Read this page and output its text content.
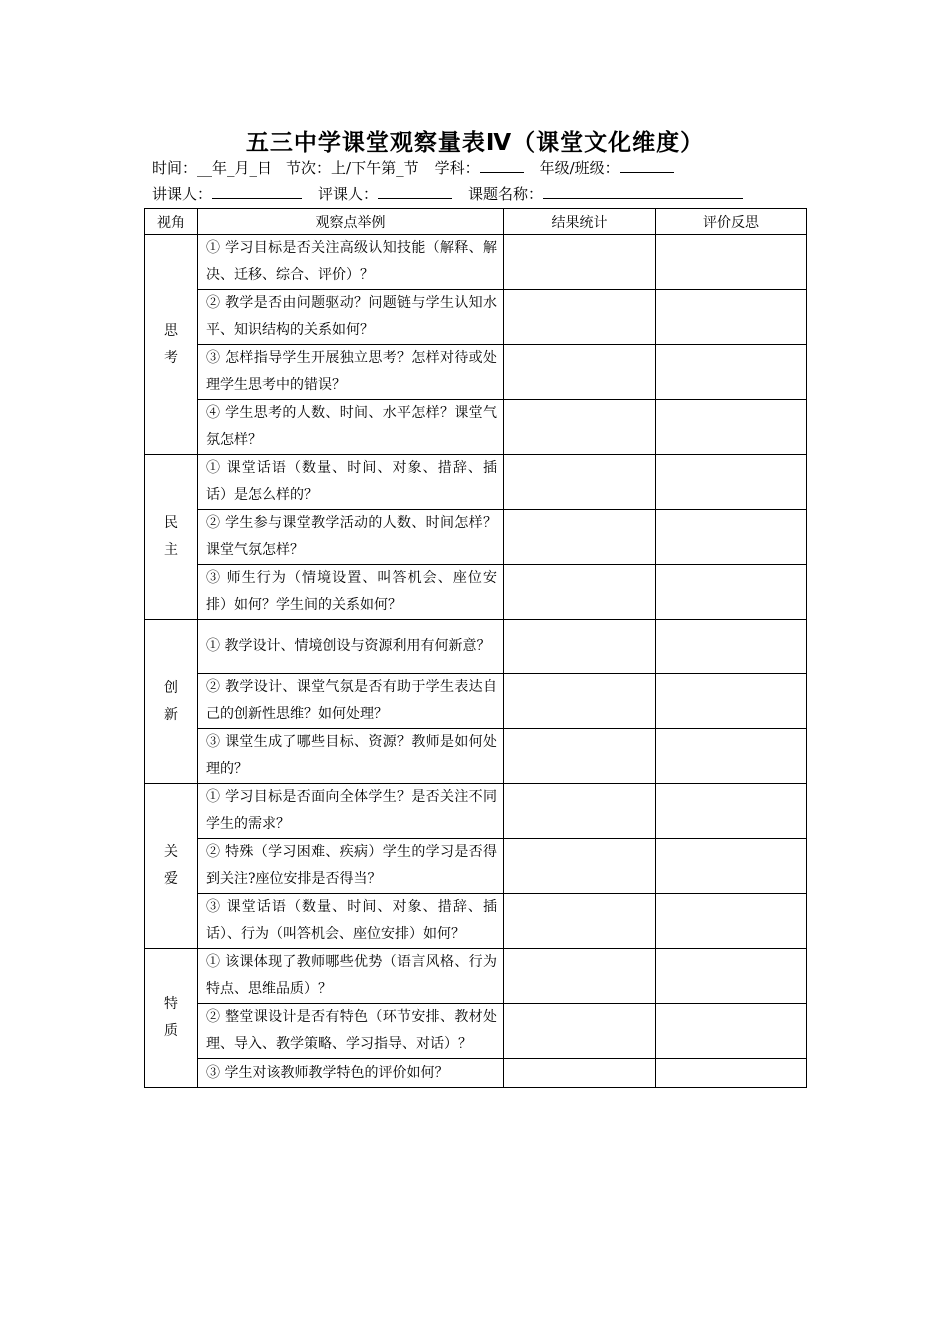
五三中学课堂观察量表Ⅳ（课堂文化维度）
时间：__年_月_日 节次：上/下午第_节 学科：	年级/班级：
讲课人：	评课人：	课题名称：
视角	观察点举例	结果统计	评价反思

思
考	① 学习目标是否关注高级认知技能（解释、解决、迁移、综合、评价）？		
	② 教学是否由问题驱动？问题链与学生认知水平、知识结构的关系如何？		
	③ 怎样指导学生开展独立思考？怎样对待或处理学生思考中的错误？		
	④ 学生思考的人数、时间、水平怎样？课堂气氛怎样？		

民
主	① 课堂话语（数量、时间、对象、措辞、插话）是怎么样的？		
	② 学生参与课堂教学活动的人数、时间怎样？课堂气氛怎样？		
	③ 师生行为（情境设置、叫答机会、座位安排）如何？学生间的关系如何？		

创
新	① 教学设计、情境创设与资源利用有何新意？		
	② 教学设计、课堂气氛是否有助于学生表达自己的创新性思维？如何处理？		
	③ 课堂生成了哪些目标、资源？教师是如何处理的？		

关
爱	① 学习目标是否面向全体学生？是否关注不同学生的需求？		
	② 特殊（学习困难、疾病）学生的学习是否得到关注?座位安排是否得当？		
	③ 课堂话语（数量、时间、对象、措辞、插话）、行为（叫答机会、座位安排）如何？		

特
质	① 该课体现了教师哪些优势（语言风格、行为特点、思维品质）？		
	② 整堂课设计是否有特色（环节安排、教材处理、导入、教学策略、学习指导、对话）？		
	③ 学生对该教师教学特色的评价如何？		
